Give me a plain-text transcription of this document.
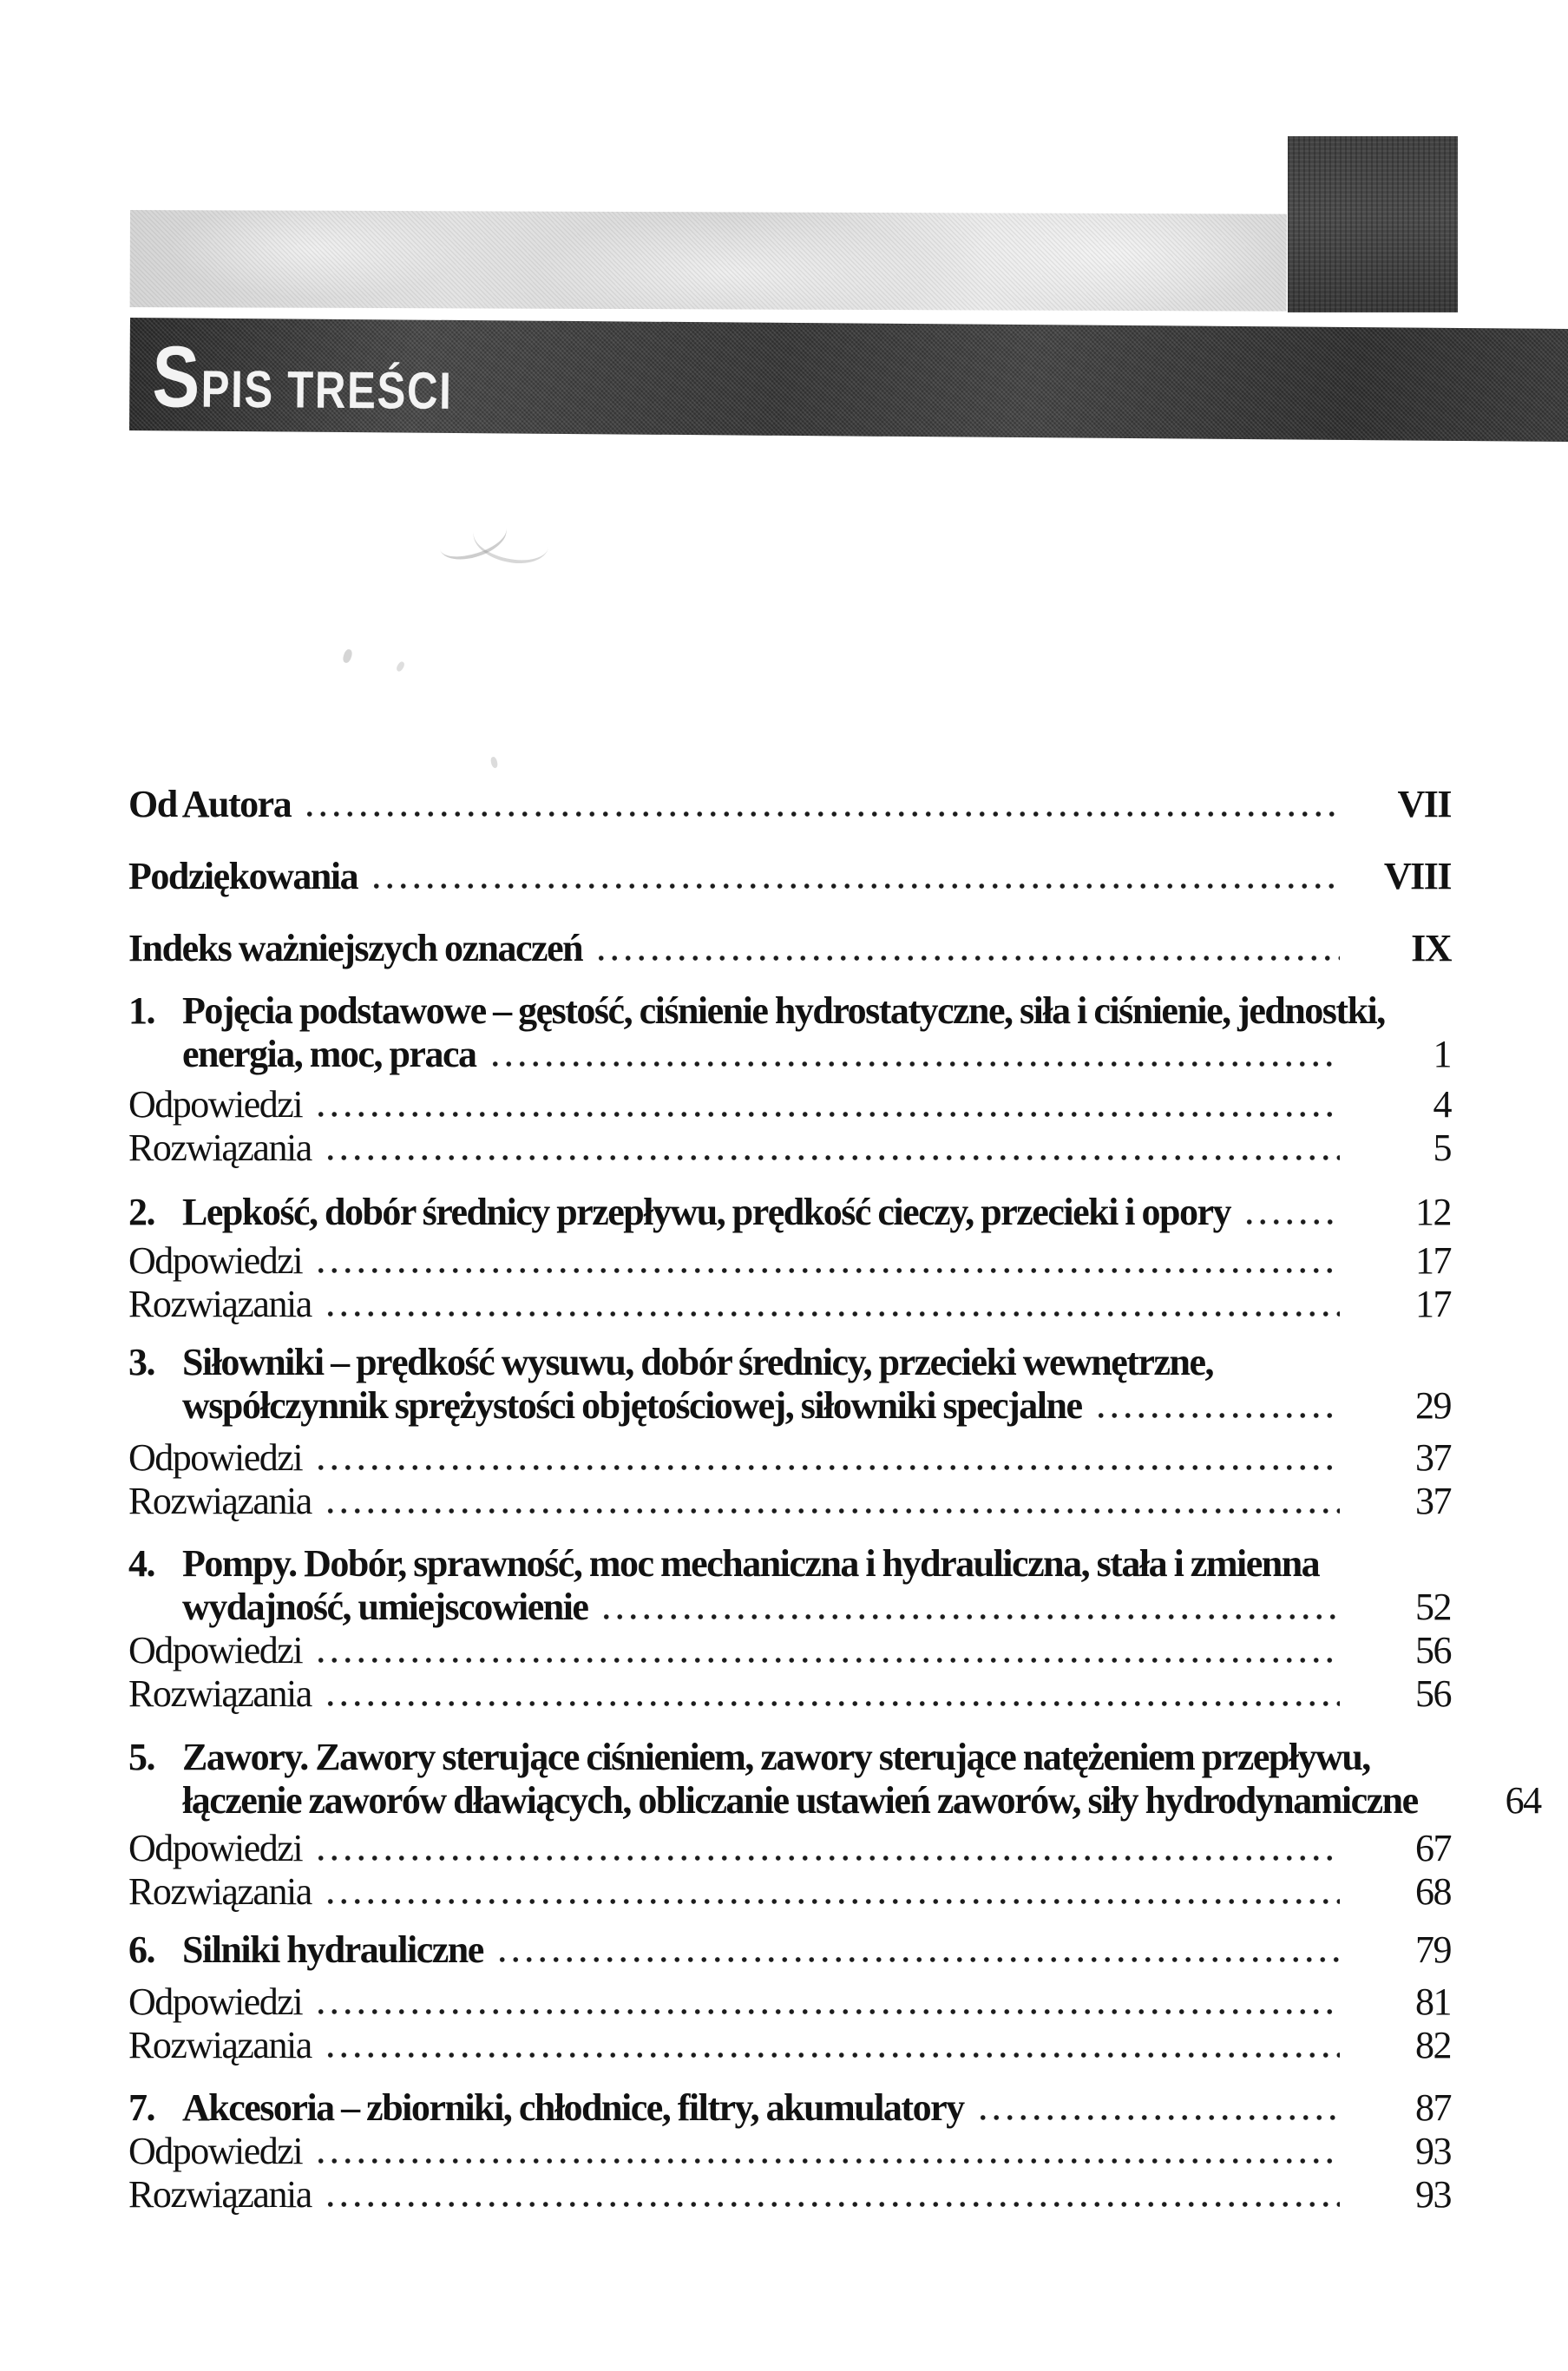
SPIS TREŚCI
Od Autora	VII
Podziękowania	VIII
Indeks ważniejszych oznaczeń	IX
1. Pojęcia podstawowe – gęstość, ciśnienie hydrostatyczne, siła i ciśnienie, jednostki,
energia, moc, praca	1
Odpowiedzi	4
Rozwiązania	5
2. Lepkość, dobór średnicy przepływu, prędkość cieczy, przecieki i opory	12
Odpowiedzi	17
Rozwiązania	17
3. Siłowniki – prędkość wysuwu, dobór średnicy, przecieki wewnętrzne,
współczynnik sprężystości objętościowej, siłowniki specjalne	29
Odpowiedzi	37
Rozwiązania	37
4. Pompy. Dobór, sprawność, moc mechaniczna i hydrauliczna, stała i zmienna
wydajność, umiejscowienie	52
Odpowiedzi	56
Rozwiązania	56
5. Zawory. Zawory sterujące ciśnieniem, zawory sterujące natężeniem przepływu,
łączenie zaworów dławiących, obliczanie ustawień zaworów, siły hydrodynamiczne	64
Odpowiedzi	67
Rozwiązania	68
6. Silniki hydrauliczne	79
Odpowiedzi	81
Rozwiązania	82
7. Akcesoria – zbiorniki, chłodnice, filtry, akumulatory	87
Odpowiedzi	93
Rozwiązania	93
